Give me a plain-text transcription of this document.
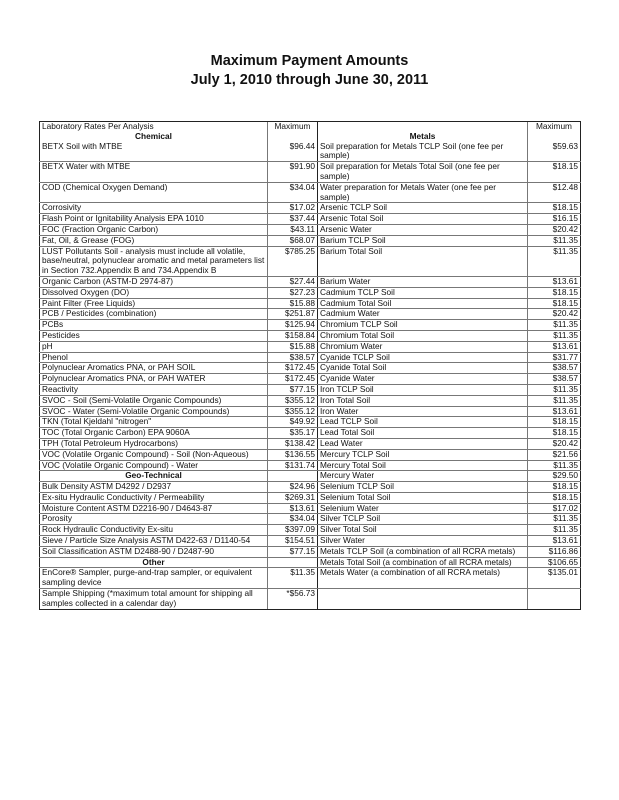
Maximum Payment Amounts
July 1, 2010 through June 30, 2011
Laboratory Rates Per Analysis
Chemical	Maximum	Metals	Maximum

BETX Soil with MTBE	$96.44	Soil preparation for Metals TCLP Soil (one fee per sample)	$59.63
BETX Water with MTBE	$91.90	Soil preparation for Metals Total Soil (one fee per sample)	$18.15
COD (Chemical Oxygen Demand)	$34.04	Water preparation for Metals Water (one fee per sample)	$12.48
Corrosivity	$17.02	Arsenic TCLP Soil	$18.15
Flash Point or Ignitability Analysis EPA 1010	$37.44	Arsenic Total Soil	$16.15
FOC (Fraction Organic Carbon)	$43.11	Arsenic Water	$20.42
Fat, Oil, & Grease (FOG)	$68.07	Barium TCLP Soil	$11.35
LUST Pollutants Soil - analysis must include all volatile, base/neutral, polynuclear aromatic and metal parameters list in Section 732.Appendix B and 734.Appendix B	$785.25	Barium Total Soil	$11.35
Organic Carbon (ASTM-D 2974-87)	$27.44	Barium Water	$13.61
Dissolved Oxygen (DO)	$27.23	Cadmium TCLP Soil	$18.15
Paint Filter (Free Liquids)	$15.88	Cadmium Total Soil	$18.15
PCB / Pesticides (combination)	$251.87	Cadmium Water	$20.42
PCBs	$125.94	Chromium TCLP Soil	$11.35
Pesticides	$158.84	Chromium Total Soil	$11.35
pH	$15.88	Chromium Water	$13.61
Phenol	$38.57	Cyanide TCLP Soil	$31.77
Polynuclear Aromatics PNA, or PAH SOIL	$172.45	Cyanide Total Soil	$38.57
Polynuclear Aromatics PNA, or PAH WATER	$172.45	Cyanide Water	$38.57
Reactivity	$77.15	Iron TCLP Soil	$11.35
SVOC - Soil (Semi-Volatile Organic Compounds)	$355.12	Iron Total Soil	$11.35
SVOC - Water (Semi-Volatile Organic Compounds)	$355.12	Iron Water	$13.61
TKN (Total Kjeldahl "nitrogen"	$49.92	Lead TCLP Soil	$18.15
TOC (Total Organic Carbon) EPA 9060A	$35.17	Lead Total Soil	$18.15
TPH (Total Petroleum Hydrocarbons)	$138.42	Lead Water	$20.42
VOC (Volatile Organic Compound) - Soil (Non-Aqueous)	$136.55	Mercury TCLP Soil	$21.56
VOC (Volatile Organic Compound) - Water	$131.74	Mercury Total Soil	$11.35
Geo-Technical		Mercury Water	$29.50
Bulk Density ASTM D4292 / D2937	$24.96	Selenium TCLP Soil	$18.15
Ex-situ Hydraulic Conductivity / Permeability	$269.31	Selenium Total Soil	$18.15
Moisture Content ASTM D2216-90 / D4643-87	$13.61	Selenium Water	$17.02
Porosity	$34.04	Silver TCLP Soil	$11.35
Rock Hydraulic Conductivity Ex-situ	$397.09	Silver Total Soil	$11.35
Sieve / Particle Size Analysis ASTM D422-63 / D1140-54	$154.51	Silver Water	$13.61
Soil Classification ASTM D2488-90 / D2487-90	$77.15	Metals TCLP Soil (a combination of all RCRA metals)	$116.86
Other		Metals Total Soil (a combination of all RCRA metals)	$106.65
EnCore® Sampler, purge-and-trap sampler, or equivalent sampling device	$11.35	Metals Water (a combination of all RCRA metals)	$135.01
Sample Shipping (*maximum total amount for shipping all samples collected in a calendar day)	*$56.73		
